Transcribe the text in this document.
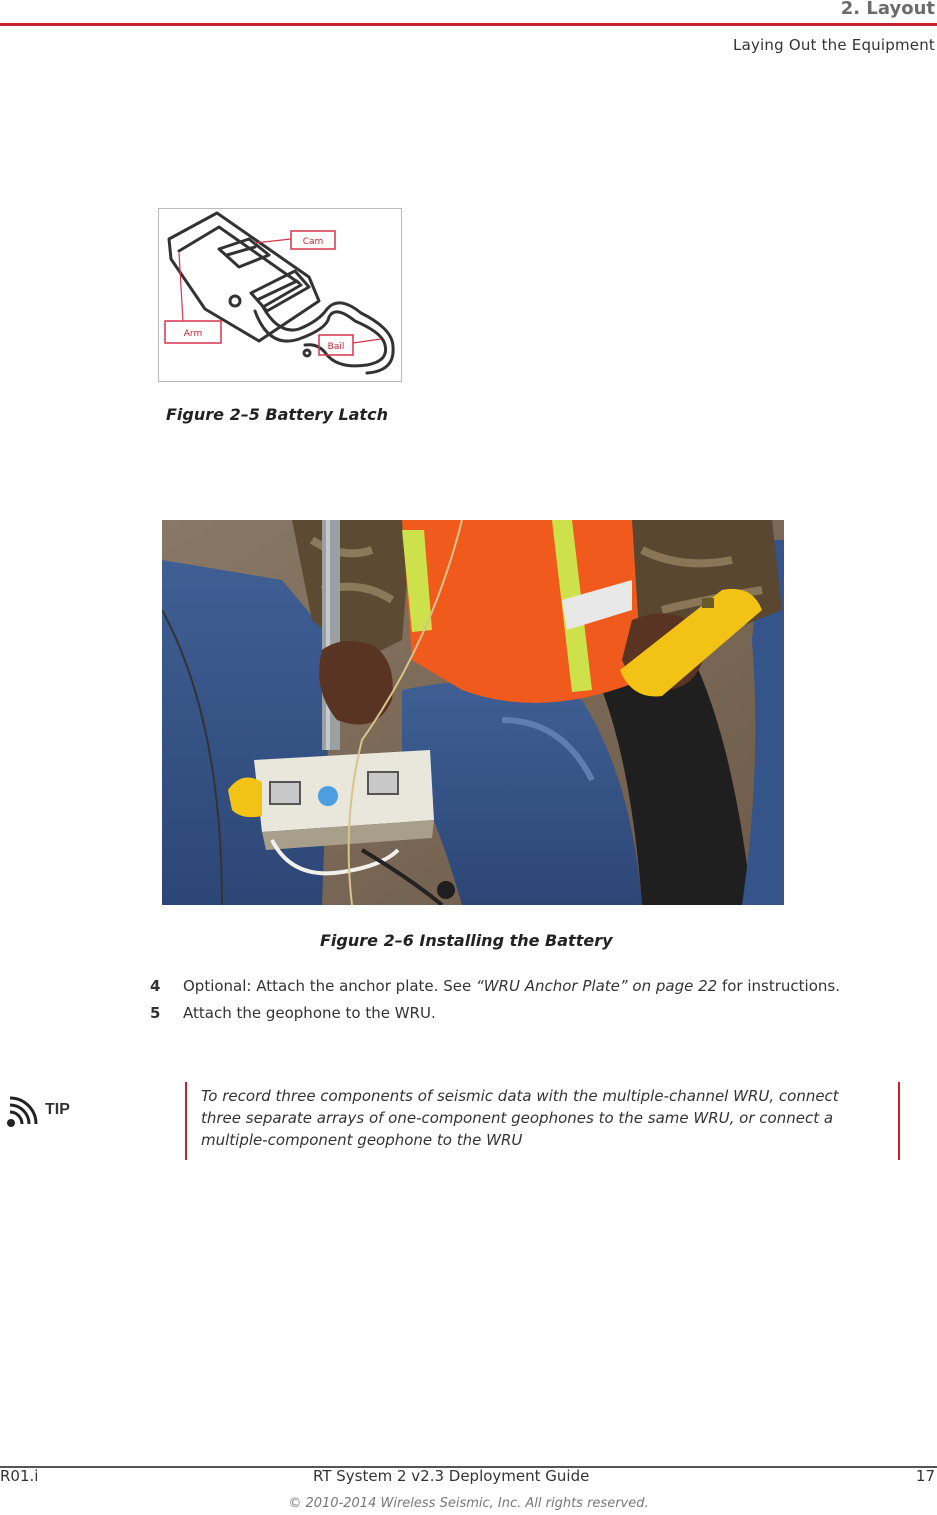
2. Layout
Laying Out the Equipment
Cam
Arm
Bail
Figure 2–5 Battery Latch
Figure 2–6 Installing the Battery
4 Optional: Attach the anchor plate. See “WRU Anchor Plate” on page 22 for instructions.
5 Attach the geophone to the WRU.
TIP
To record three components of seismic data with the multiple-channel WRU, connect three separate arrays of one-component geophones to the same WRU, or connect a multiple-component geophone to the WRU
R01.i	RT System 2 v2.3 Deployment Guide	17
© 2010-2014 Wireless Seismic, Inc. All rights reserved.
